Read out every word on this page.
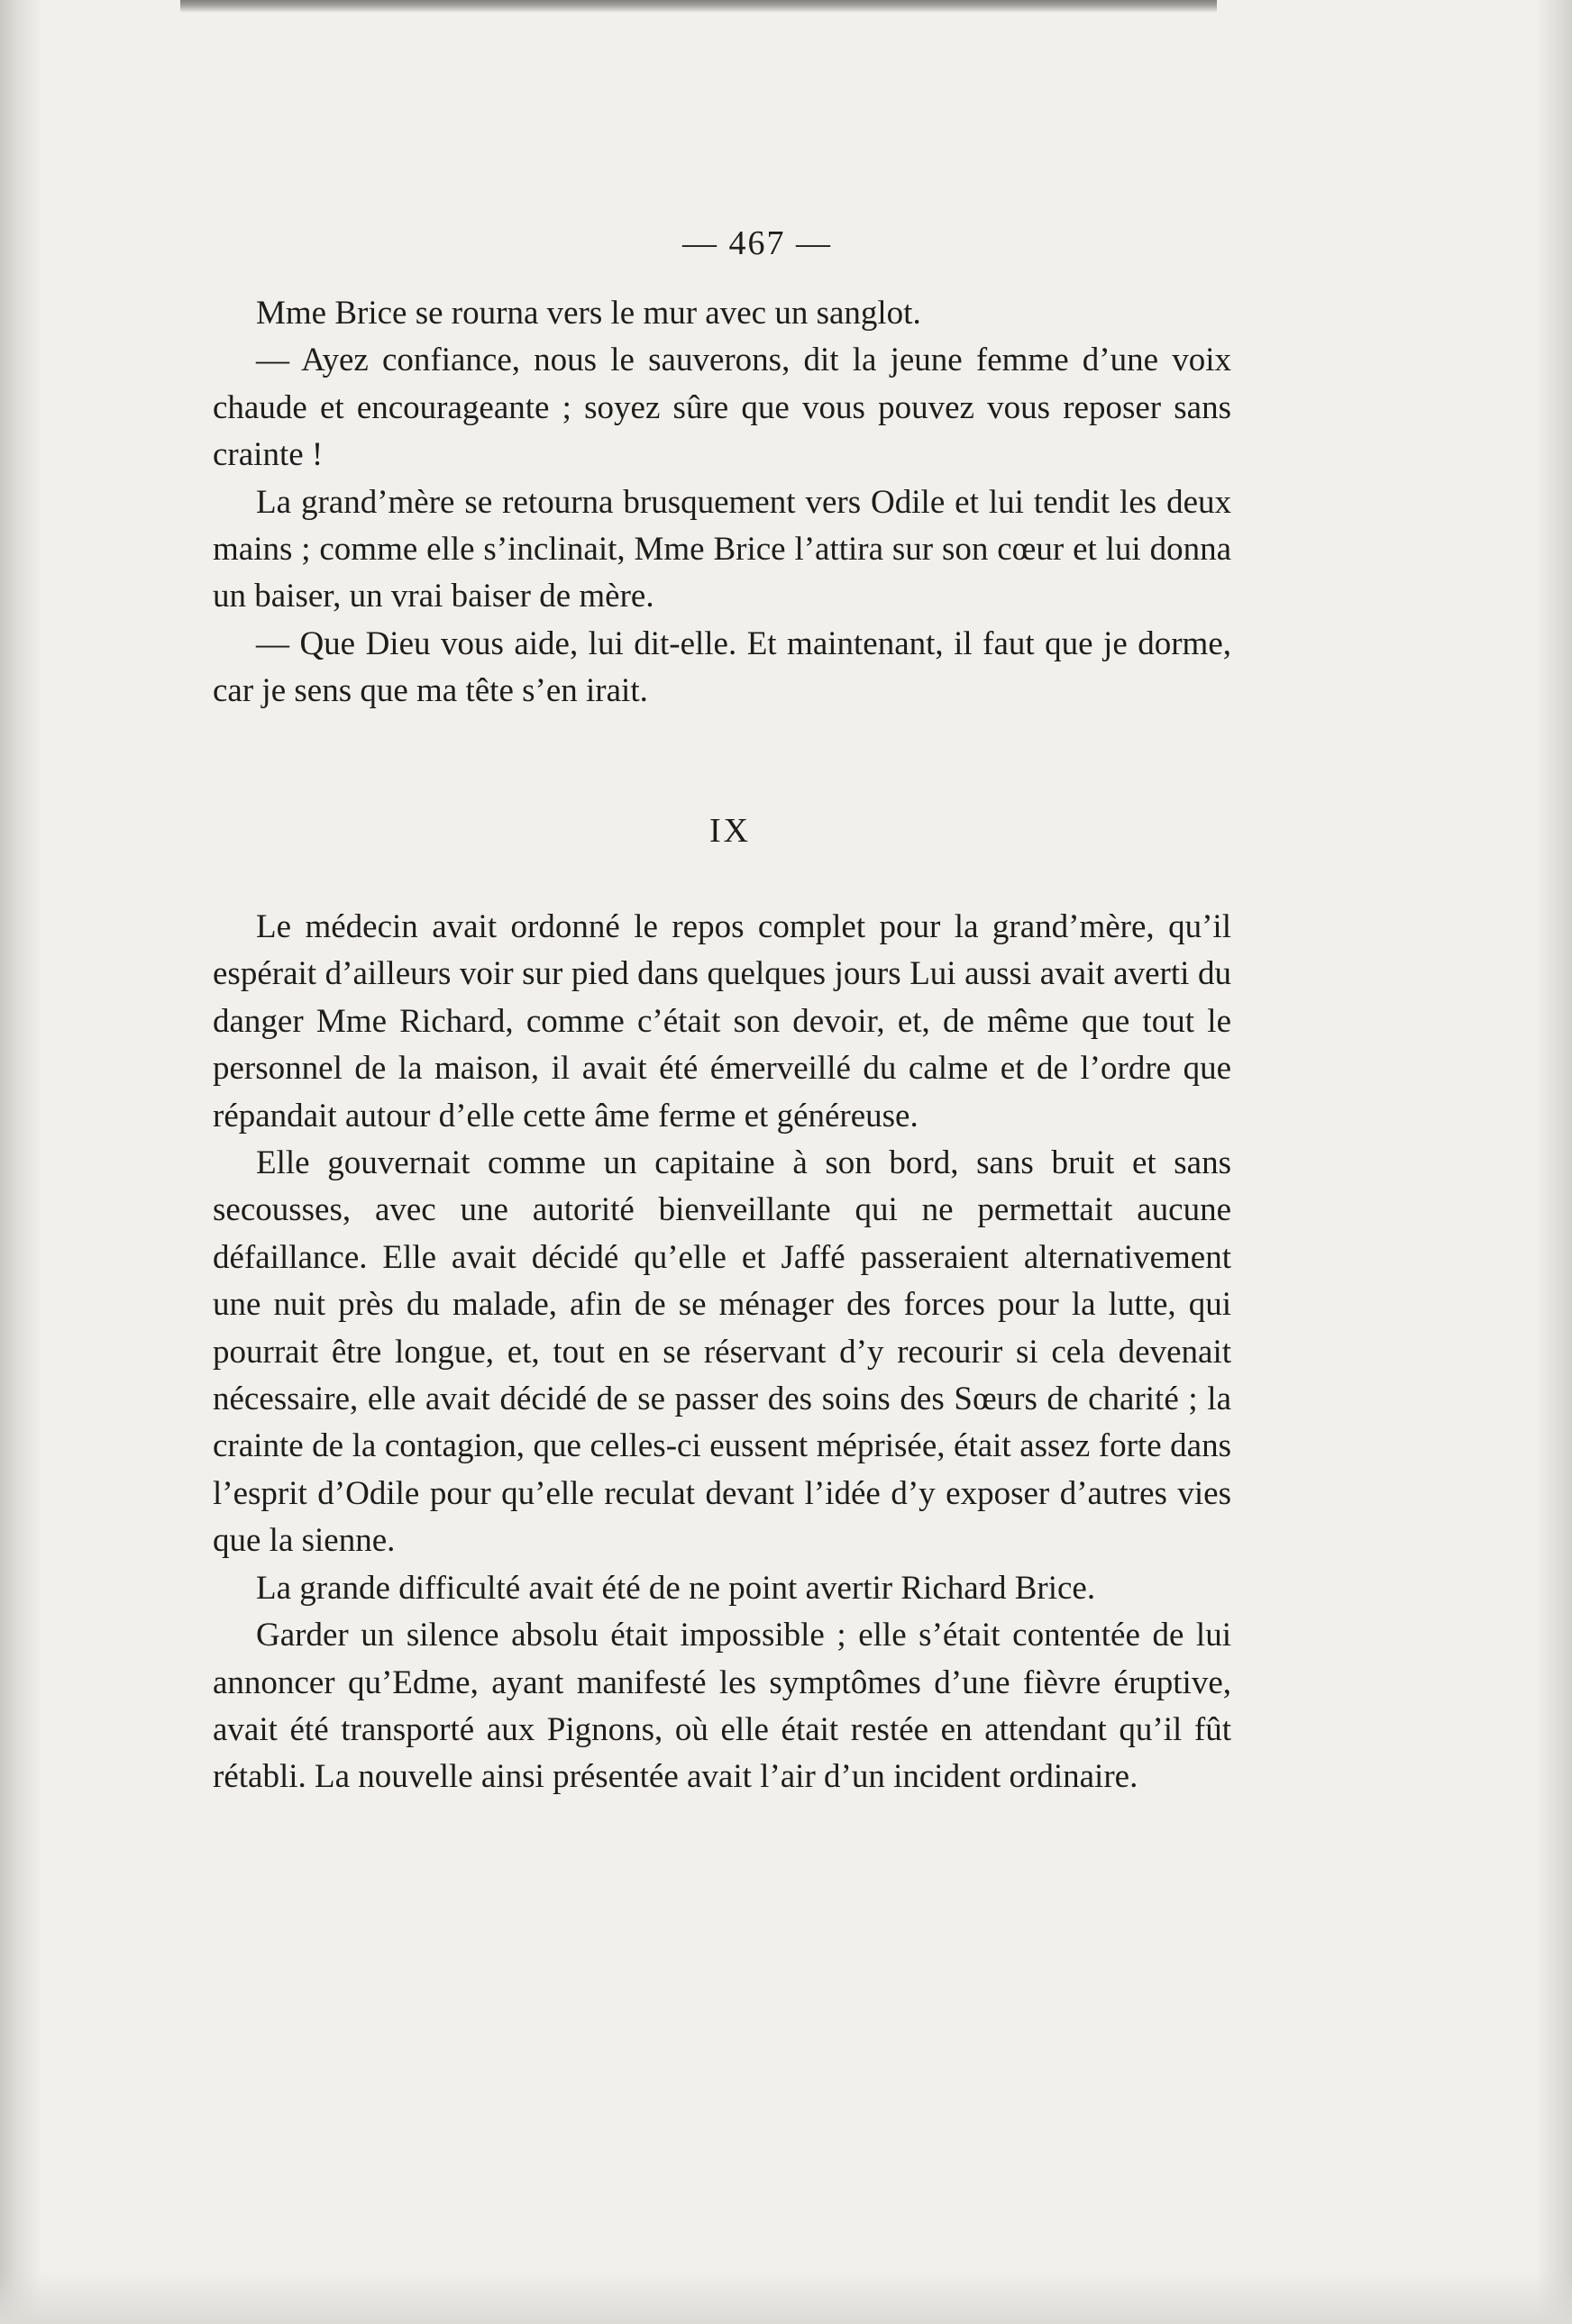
— 467 —

Mme Brice se rourna vers le mur avec un sanglot.

— Ayez confiance, nous le sauverons, dit la jeune femme d’une voix chaude et encourageante ; soyez sûre que vous pouvez vous reposer sans crainte !

La grand’mère se retourna brusquement vers Odile et lui tendit les deux mains ; comme elle s’inclinait, Mme Brice l’attira sur son cœur et lui donna un baiser, un vrai baiser de mère.

— Que Dieu vous aide, lui dit-elle. Et maintenant, il faut que je dorme, car je sens que ma tête s’en irait.

IX

Le médecin avait ordonné le repos complet pour la grand’mère, qu’il espérait d’ailleurs voir sur pied dans quelques jours Lui aussi avait averti du danger Mme Richard, comme c’était son devoir, et, de même que tout le personnel de la maison, il avait été émerveillé du calme et de l’ordre que répandait autour d’elle cette âme ferme et généreuse.

Elle gouvernait comme un capitaine à son bord, sans bruit et sans secousses, avec une autorité bienveillante qui ne permettait aucune défaillance. Elle avait décidé qu’elle et Jaffé passeraient alternativement une nuit près du malade, afin de se ménager des forces pour la lutte, qui pourrait être longue, et, tout en se réservant d’y recourir si cela devenait nécessaire, elle avait décidé de se passer des soins des Sœurs de charité ; la crainte de la contagion, que celles-ci eussent méprisée, était assez forte dans l’esprit d’Odile pour qu’elle reculat devant l’idée d’y exposer d’autres vies que la sienne.

La grande difficulté avait été de ne point avertir Richard Brice.

Garder un silence absolu était impossible ; elle s’était contentée de lui annoncer qu’Edme, ayant manifesté les symptômes d’une fièvre éruptive, avait été transporté aux Pignons, où elle était restée en attendant qu’il fût rétabli. La nouvelle ainsi présentée avait l’air d’un incident ordinaire.
